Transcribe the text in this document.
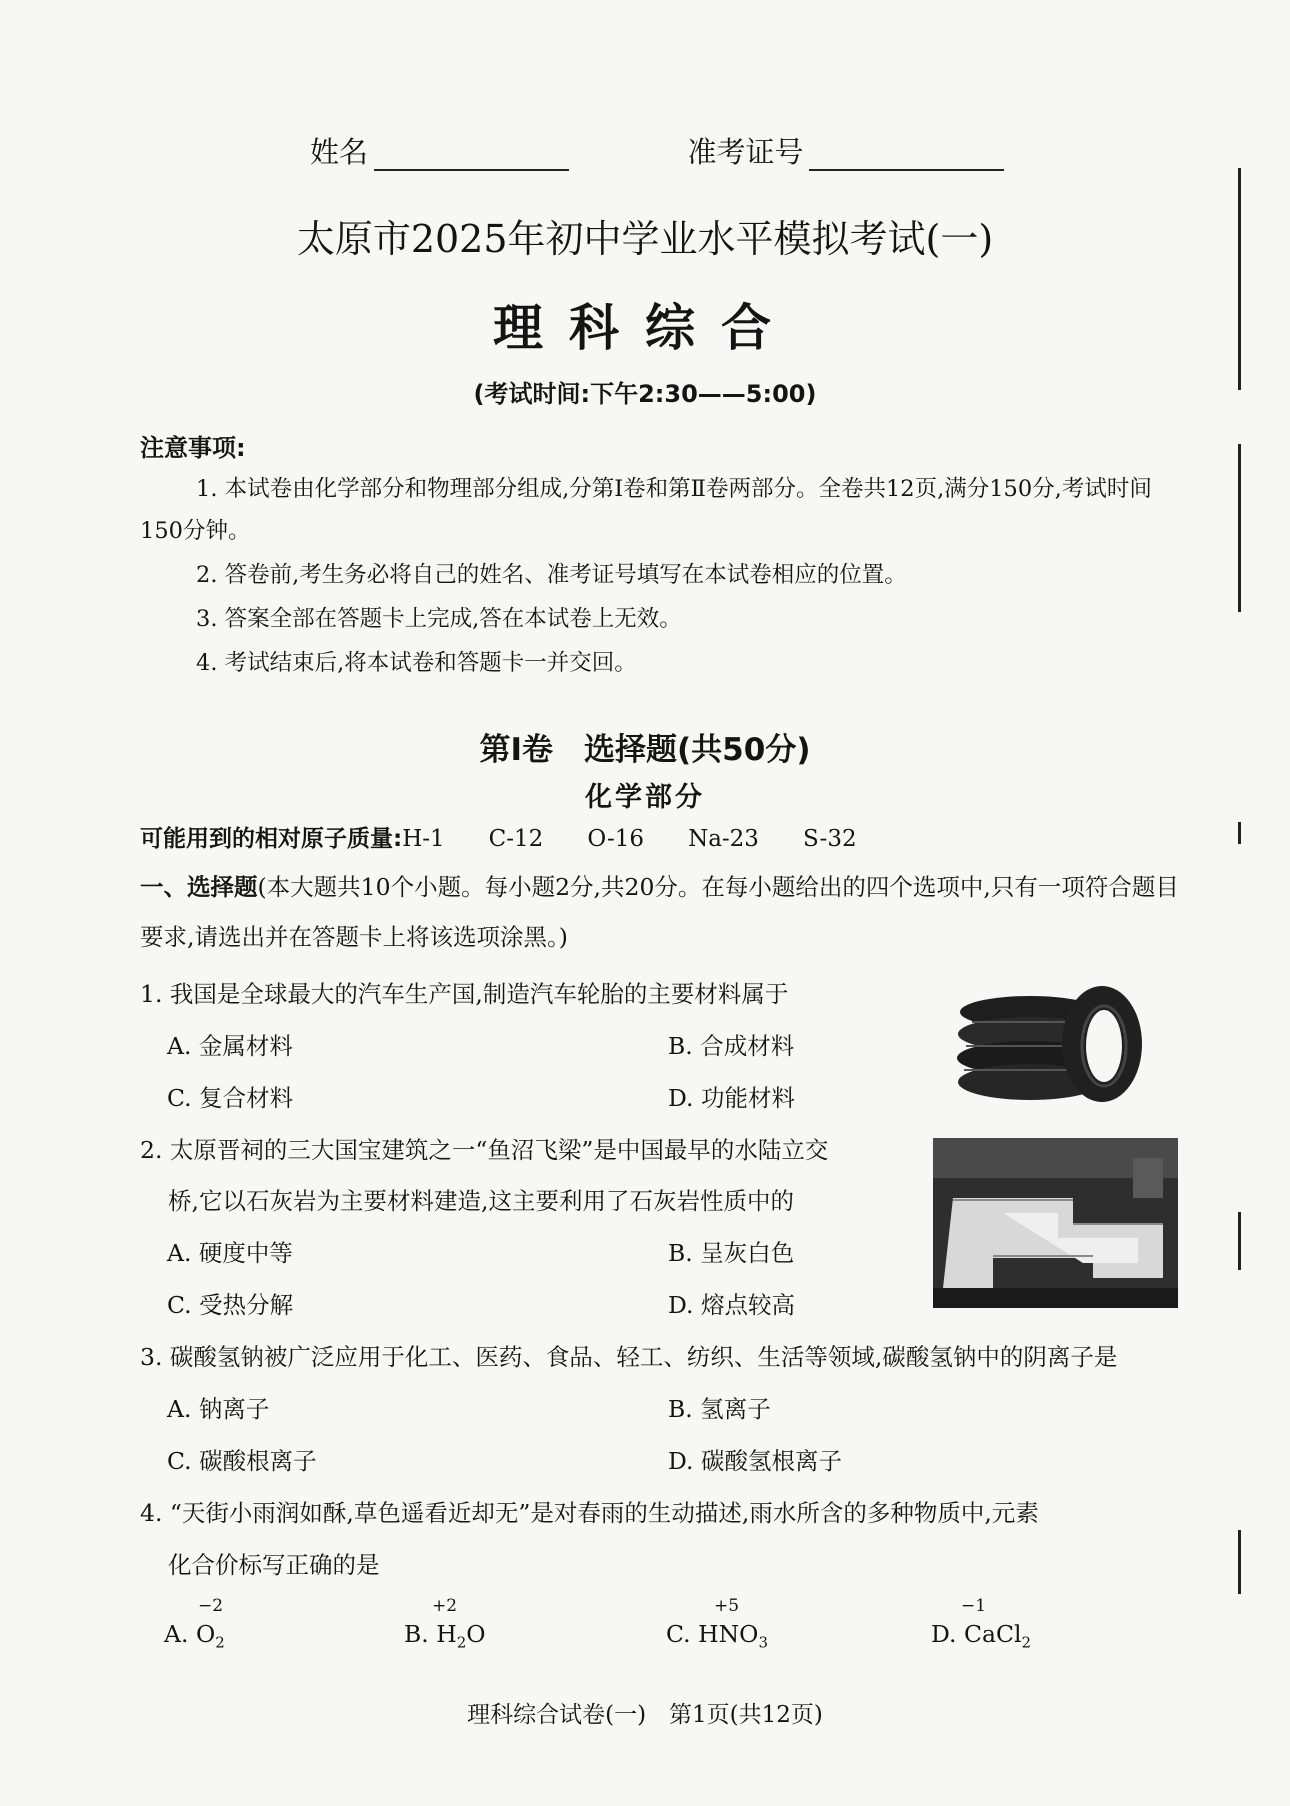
姓名	准考证号
太原市2025年初中学业水平模拟考试(一)
理科综合
(考试时间:下午2:30——5:00)
注意事项:
1. 本试卷由化学部分和物理部分组成,分第Ⅰ卷和第Ⅱ卷两部分。全卷共12页,满分150分,考试时间150分钟。
2. 答卷前,考生务必将自己的姓名、准考证号填写在本试卷相应的位置。
3. 答案全部在答题卡上完成,答在本试卷上无效。
4. 考试结束后,将本试卷和答题卡一并交回。
第Ⅰ卷　选择题(共50分)
化学部分
可能用到的相对原子质量:H-1 C-12 O-16 Na-23 S-32
一、选择题(本大题共10个小题。每小题2分,共20分。在每小题给出的四个选项中,只有一项符合题目要求,请选出并在答题卡上将该选项涂黑。)
1. 我国是全球最大的汽车生产国,制造汽车轮胎的主要材料属于
A. 金属材料	B. 合成材料
C. 复合材料	D. 功能材料
2. 太原晋祠的三大国宝建筑之一“鱼沼飞梁”是中国最早的水陆立交
桥,它以石灰岩为主要材料建造,这主要利用了石灰岩性质中的
A. 硬度中等	B. 呈灰白色
C. 受热分解	D. 熔点较高
3. 碳酸氢钠被广泛应用于化工、医药、食品、轻工、纺织、生活等领域,碳酸氢钠中的阴离子是
A. 钠离子	B. 氢离子
C. 碳酸根离子	D. 碳酸氢根离子
4. “天街小雨润如酥,草色遥看近却无”是对春雨的生动描述,雨水所含的多种物质中,元素
化合价标写正确的是
−2
A. $O_2$
+2
B. $H_2O$
+5
C. $HNO_3$
−1
D. CaCl$_2$
理科综合试卷(一)　第1页(共12页)
